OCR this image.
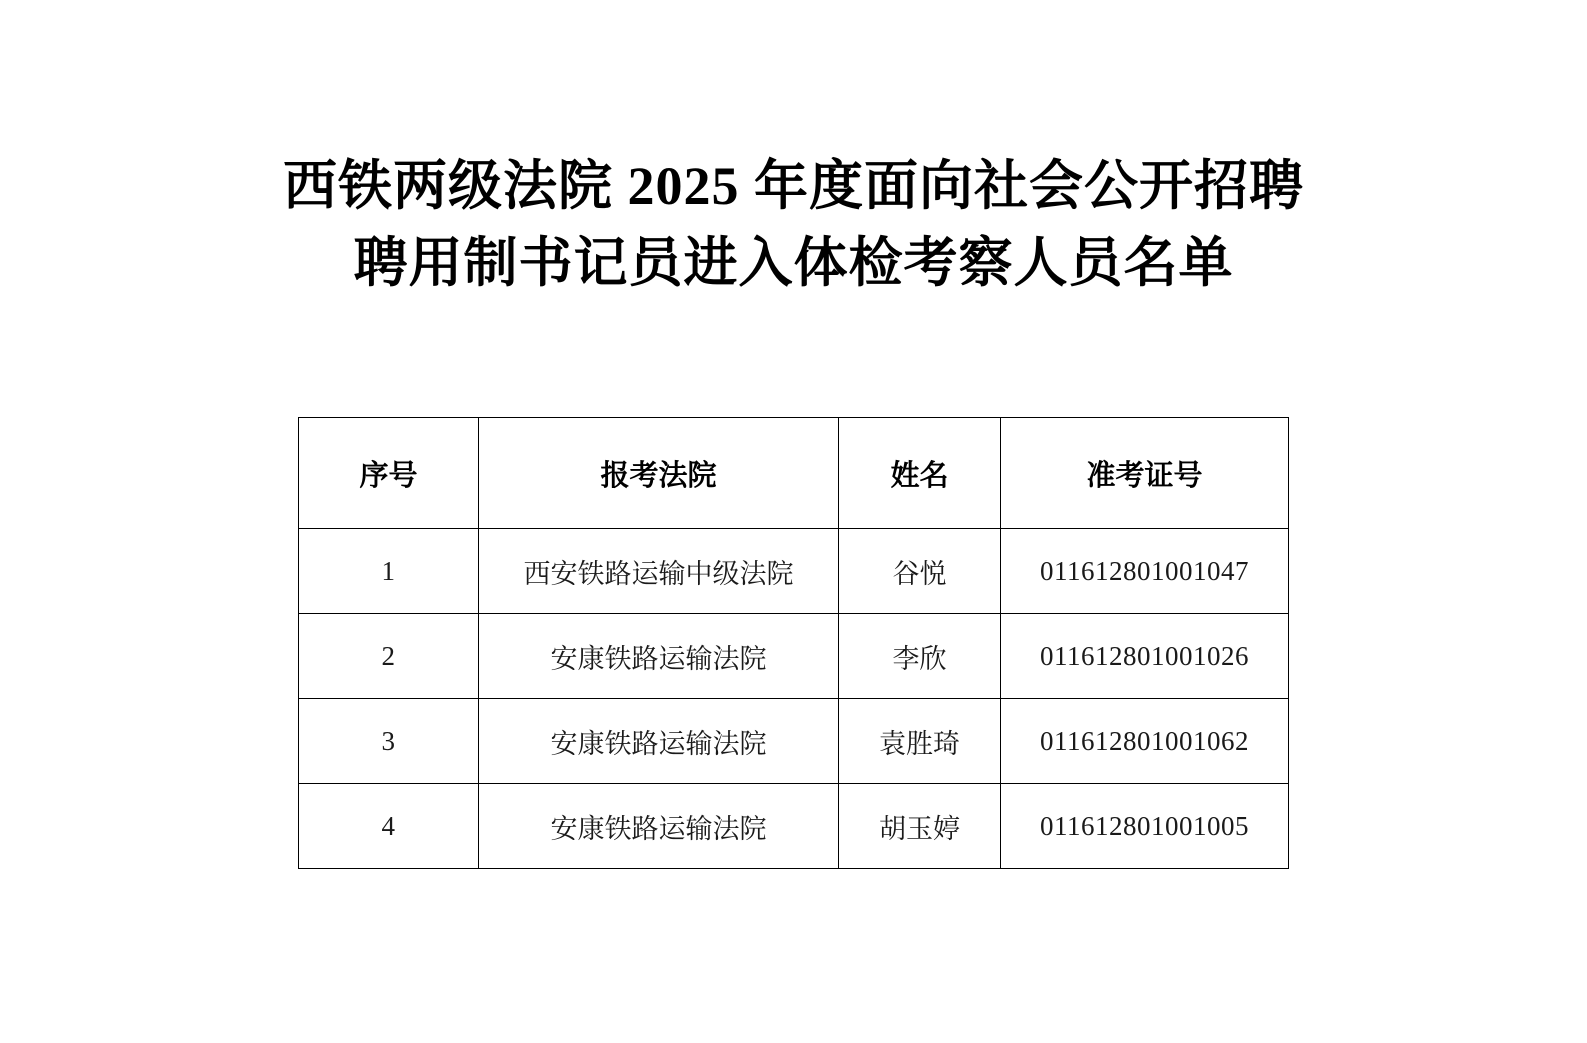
西铁两级法院 2025 年度面向社会公开招聘
聘用制书记员进入体检考察人员名单
序号	报考法院	姓名	准考证号
1	西安铁路运输中级法院	谷悦	011612801001047
2	安康铁路运输法院	李欣	011612801001026
3	安康铁路运输法院	袁胜琦	011612801001062
4	安康铁路运输法院	胡玉婷	011612801001005
